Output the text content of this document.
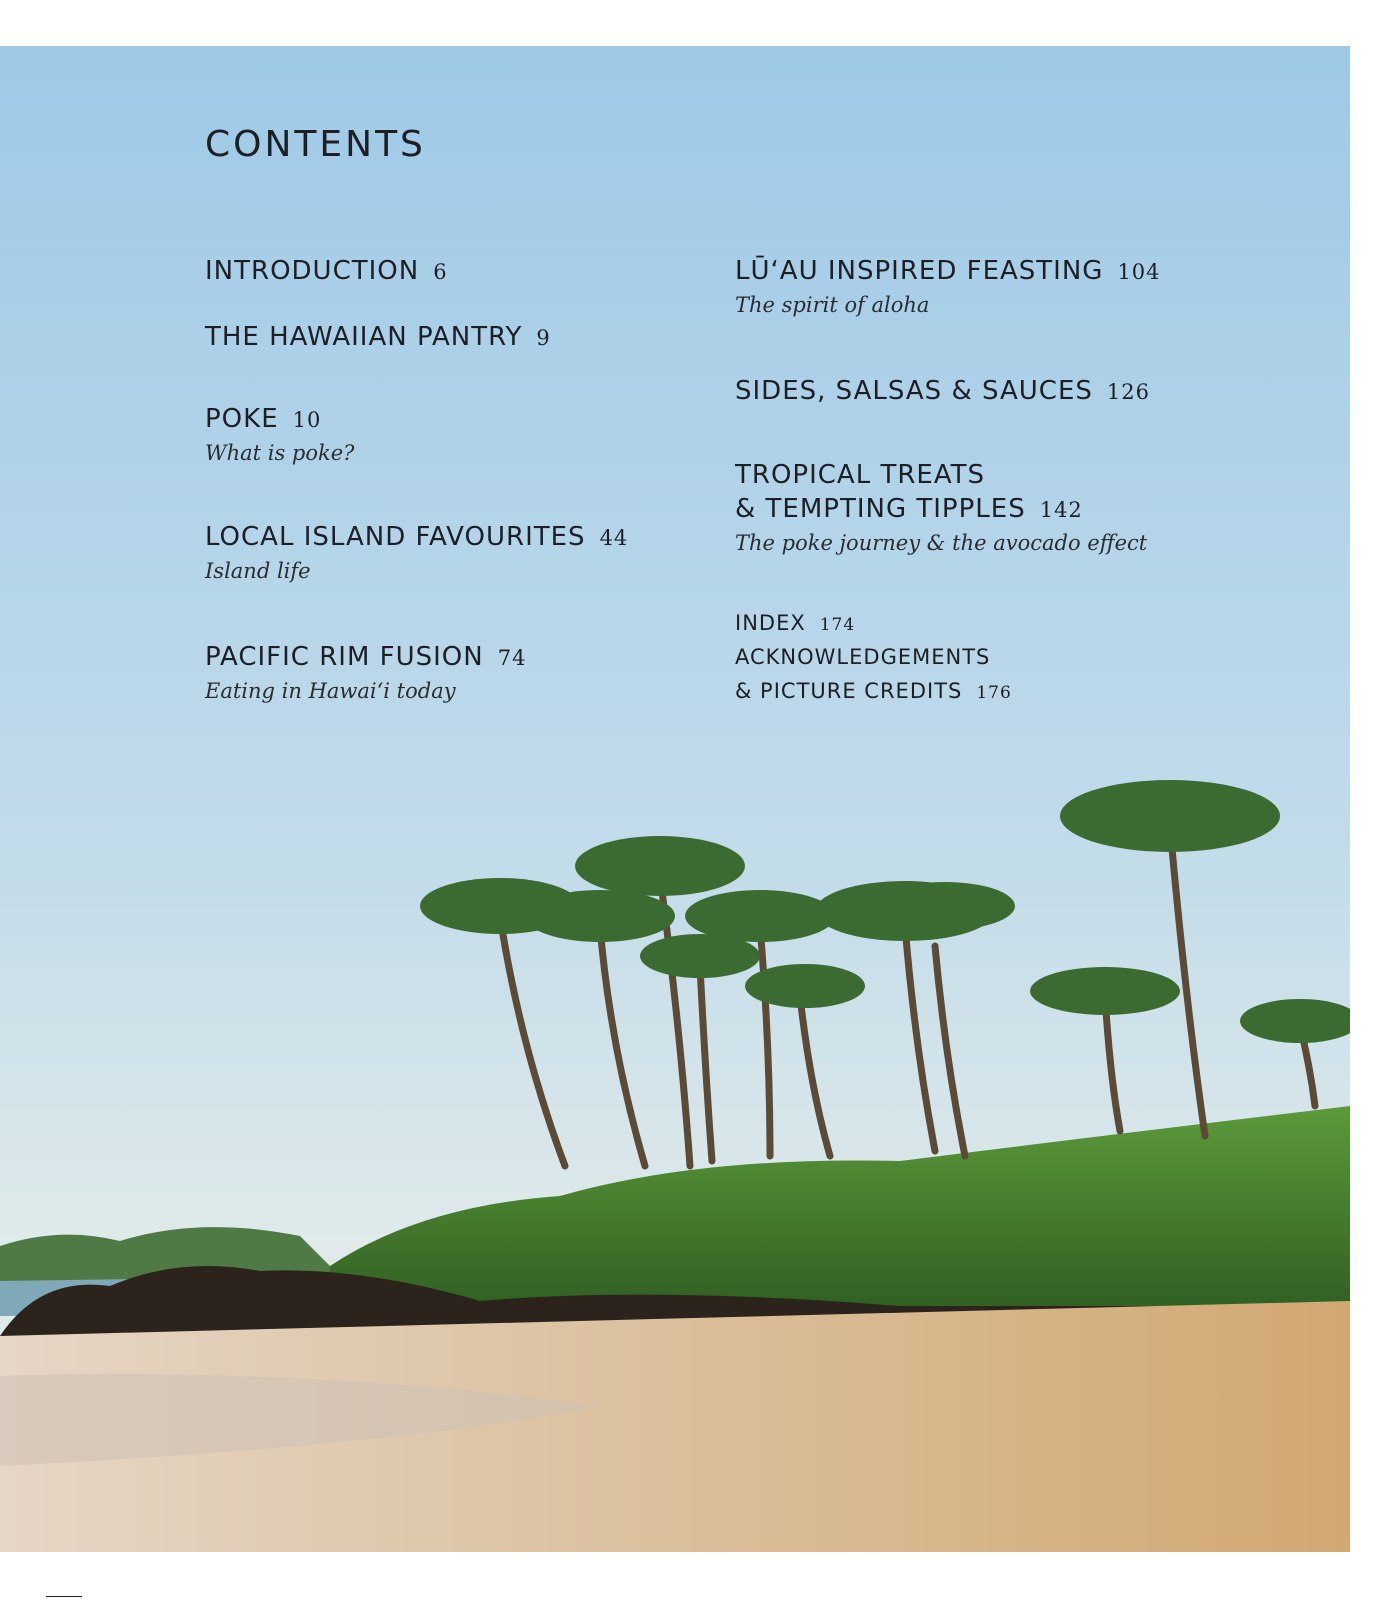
CONTENTS
INTRODUCTION 6
THE HAWAIIAN PANTRY 9
POKE 10
What is poke?
LOCAL ISLAND FAVOURITES 44
Island life
PACIFIC RIM FUSION 74
Eating in Hawai‘i today
LŪ‘AU INSPIRED FEASTING 104
The spirit of aloha
SIDES, SALSAS & SAUCES 126
TROPICAL TREATS
& TEMPTING TIPPLES 142
The poke journey & the avocado effect
INDEX 174
ACKNOWLEDGEMENTS
& PICTURE CREDITS 176
